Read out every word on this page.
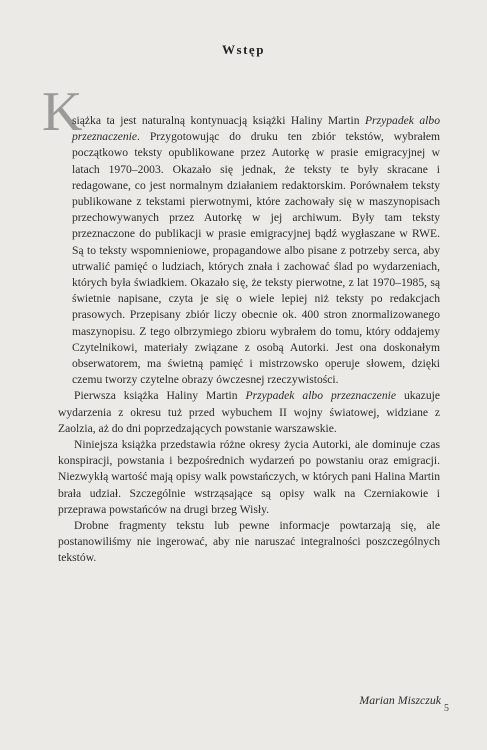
Wstęp
K

siążka ta jest naturalną kontynuacją książki Haliny Martin Przypadek albo przeznaczenie. Przygotowując do druku ten zbiór tekstów, wybrałem początkowo teksty opublikowane przez Autorkę w prasie emigracyjnej w latach 1970–2003. Okazało się jednak, że teksty te były skracane i redagowane, co jest normalnym działaniem redaktorskim. Porównałem teksty publikowane z tekstami pierwotnymi, które zachowały się w maszynopisach przechowywanych przez Autorkę w jej archiwum. Były tam teksty przeznaczone do publikacji w prasie emigracyjnej bądź wygłaszane w RWE. Są to teksty wspomnieniowe, propagandowe albo pisane z potrzeby serca, aby utrwalić pamięć o ludziach, których znała i zachować ślad po wydarzeniach, których była świadkiem. Okazało się, że teksty pierwotne, z lat 1970–1985, są świetnie napisane, czyta je się o wiele lepiej niż teksty po redakcjach prasowych. Przepisany zbiór liczy obecnie ok. 400 stron znormalizowanego maszynopisu. Z tego olbrzymiego zbioru wybrałem do tomu, który oddajemy Czytelnikowi, materiały związane z osobą Autorki. Jest ona doskonałym obserwatorem, ma świetną pamięć i mistrzowsko operuje słowem, dzięki czemu tworzy czytelne obrazy ówczesnej rzeczywistości.

Pierwsza książka Haliny Martin Przypadek albo przeznaczenie ukazuje wydarzenia z okresu tuż przed wybuchem II wojny światowej, widziane z Zaolzia, aż do dni poprzedzających powstanie warszawskie.

Niniejsza książka przedstawia różne okresy życia Autorki, ale dominuje czas konspiracji, powstania i bezpośrednich wydarzeń po powstaniu oraz emigracji. Niezwykłą wartość mają opisy walk powstańczych, w których pani Halina Martin brała udział. Szczególnie wstrząsające są opisy walk na Czerniakowie i przeprawa powstańców na drugi brzeg Wisły.

Drobne fragmenty tekstu lub pewne informacje powtarzają się, ale postanowiliśmy nie ingerować, aby nie naruszać integralności poszczególnych tekstów.

Marian Miszczuk
5
